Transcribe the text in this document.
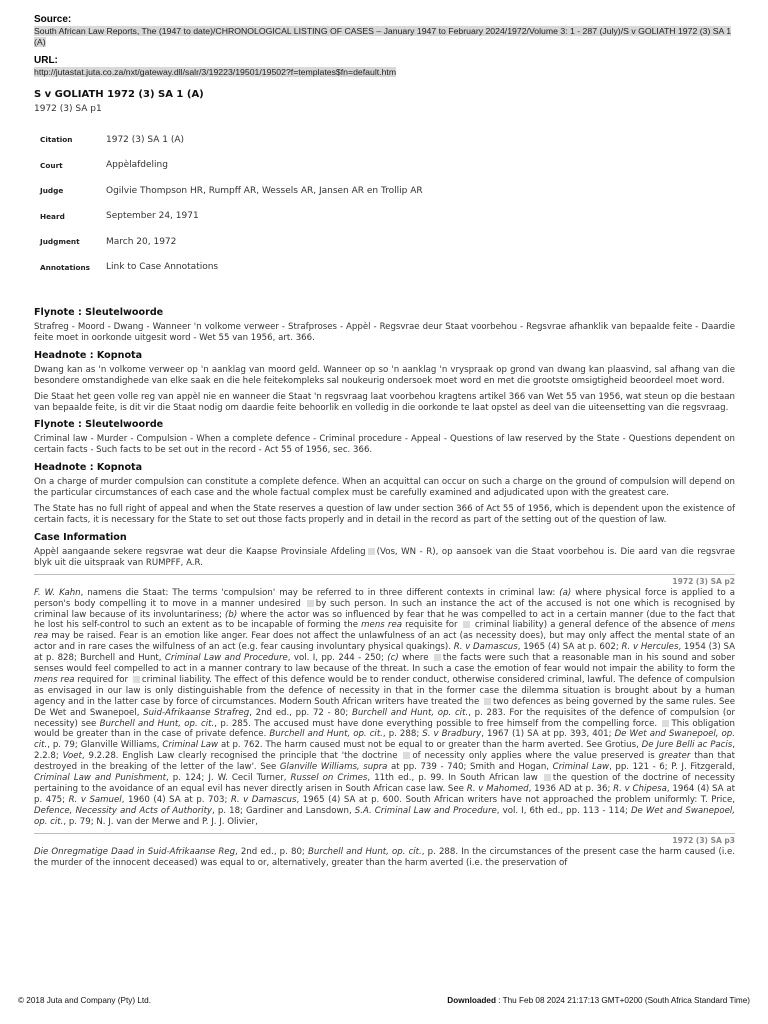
Source:
South African Law Reports, The (1947 to date)/CHRONOLOGICAL LISTING OF CASES – January 1947 to February 2024/1972/Volume 3: 1 - 287 (July)/S v GOLIATH 1972 (3) SA 1 (A)
URL:
http://jutastat.juta.co.za/nxt/gateway.dll/salr/3/19223/19501/19502?f=templates$fn=default.htm
S v GOLIATH 1972 (3) SA 1 (A)
1972 (3) SA p1
Citation	1972 (3) SA 1 (A)
Court	Appèlafdeling
Judge	Ogilvie Thompson HR, Rumpff AR, Wessels AR, Jansen AR en Trollip AR
Heard	September 24, 1971
Judgment	March 20, 1972
Annotations	Link to Case Annotations
Flynote : Sleutelwoorde
Strafreg - Moord - Dwang - Wanneer 'n volkome verweer - Strafproses - Appèl - Regsvrae deur Staat voorbehou - Regsvrae afhanklik van bepaalde feite - Daardie feite moet in oorkonde uitgesit word - Wet 55 van 1956, art. 366.
Headnote : Kopnota
Dwang kan as 'n volkome verweer op 'n aanklag van moord geld. Wanneer op so 'n aanklag 'n vryspraak op grond van dwang kan plaasvind, sal afhang van die besondere omstandighede van elke saak en die hele feitekompleks sal noukeurig ondersoek moet word en met die grootste omsigtigheid beoordeel moet word.
Die Staat het geen volle reg van appèl nie en wanneer die Staat 'n regsvraag laat voorbehou kragtens artikel 366 van Wet 55 van 1956, wat steun op die bestaan van bepaalde feite, is dit vir die Staat nodig om daardie feite behoorlik en volledig in die oorkonde te laat opstel as deel van die uiteensetting van die regsvraag.
Flynote : Sleutelwoorde
Criminal law - Murder - Compulsion - When a complete defence - Criminal procedure - Appeal - Questions of law reserved by the State - Questions dependent on certain facts - Such facts to be set out in the record - Act 55 of 1956, sec. 366.
Headnote : Kopnota
On a charge of murder compulsion can constitute a complete defence. When an acquittal can occur on such a charge on the ground of compulsion will depend on the particular circumstances of each case and the whole factual complex must be carefully examined and adjudicated upon with the greatest care.
The State has no full right of appeal and when the State reserves a question of law under section 366 of Act 55 of 1956, which is dependent upon the existence of certain facts, it is necessary for the State to set out those facts properly and in detail in the record as part of the setting out of the question of law.
Case Information
Appèl aangaande sekere regsvrae wat deur die Kaapse Provinsiale Afdeling (Vos, WN - R), op aansoek van die Staat voorbehou is. Die aard van die regsvrae blyk uit die uitspraak van RUMPFF, A.R.
1972 (3) SA p2
F. W. Kahn, namens die Staat: The terms 'compulsion' may be referred to in three different contexts in criminal law: (a) where physical force is applied to a person's body compelling it to move in a manner undesired by such person. In such an instance the act of the accused is not one which is recognised by criminal law because of its involuntariness; (b) where the actor was so influenced by fear that he was compelled to act in a certain manner (due to the fact that he lost his self-control to such an extent as to be incapable of forming the mens rea requisite for  criminal liability) a general defence of the absence of mens rea may be raised. Fear is an emotion like anger. Fear does not affect the unlawfulness of an act (as necessity does), but may only affect the mental state of an actor and in rare cases the wilfulness of an act (e.g. fear causing involuntary physical quakings). R. v Damascus, 1965 (4) SA at p. 602; R. v Hercules, 1954 (3) SA at p. 828; Burchell and Hunt, Criminal Law and Procedure, vol. I, pp. 244 - 250; (c) where the facts were such that a reasonable man in his sound and sober senses would feel compelled to act in a manner contrary to law because of the threat. In such a case the emotion of fear would not impair the ability to form the mens rea required for criminal liability. The effect of this defence would be to render conduct, otherwise considered criminal, lawful. The defence of compulsion as envisaged in our law is only distinguishable from the defence of necessity in that in the former case the dilemma situation is brought about by a human agency and in the latter case by force of circumstances. Modern South African writers have treated the two defences as being governed by the same rules. See De Wet and Swanepoel, Suid-Afrikaanse Strafreg, 2nd ed., pp. 72 - 80; Burchell and Hunt, op. cit., p. 283. For the requisites of the defence of compulsion (or necessity) see Burchell and Hunt, op. cit., p. 285. The accused must have done everything possible to free himself from the compelling force. This obligation would be greater than in the case of private defence. Burchell and Hunt, op. cit., p. 288; S. v Bradbury, 1967 (1) SA at pp. 393, 401; De Wet and Swanepoel, op. cit., p. 79; Glanville Williams, Criminal Law at p. 762. The harm caused must not be equal to or greater than the harm averted. See Grotius, De Jure Belli ac Pacis, 2.2.8; Voet, 9.2.28. English Law clearly recognised the principle that 'the doctrine of necessity only applies where the value preserved is greater than that destroyed in the breaking of the letter of the law'. See Glanville Williams, supra at pp. 739 - 740; Smith and Hogan, Criminal Law, pp. 121 - 6; P. J. Fitzgerald, Criminal Law and Punishment, p. 124; J. W. Cecil Turner, Russel on Crimes, 11th ed., p. 99. In South African law the question of the doctrine of necessity pertaining to the avoidance of an equal evil has never directly arisen in South African case law. See R. v Mahomed, 1936 AD at p. 36; R. v Chipesa, 1964 (4) SA at p. 475; R. v Samuel, 1960 (4) SA at p. 703; R. v Damascus, 1965 (4) SA at p. 600. South African writers have not approached the problem uniformly: T. Price, Defence, Necessity and Acts of Authority, p. 18; Gardiner and Lansdown, S.A. Criminal Law and Procedure, vol. I, 6th ed., pp. 113 - 114; De Wet and Swanepoel, op. cit., p. 79; N. J. van der Merwe and P. J. J. Olivier,
1972 (3) SA p3
Die Onregmatige Daad in Suid-Afrikaanse Reg, 2nd ed., p. 80; Burchell and Hunt, op. cit., p. 288. In the circumstances of the present case the harm caused (i.e. the murder of the innocent deceased) was equal to or, alternatively, greater than the harm averted (i.e. the preservation of
© 2018 Juta and Company (Pty) Ltd.	Downloaded : Thu Feb 08 2024 21:17:13 GMT+0200 (South Africa Standard Time)
